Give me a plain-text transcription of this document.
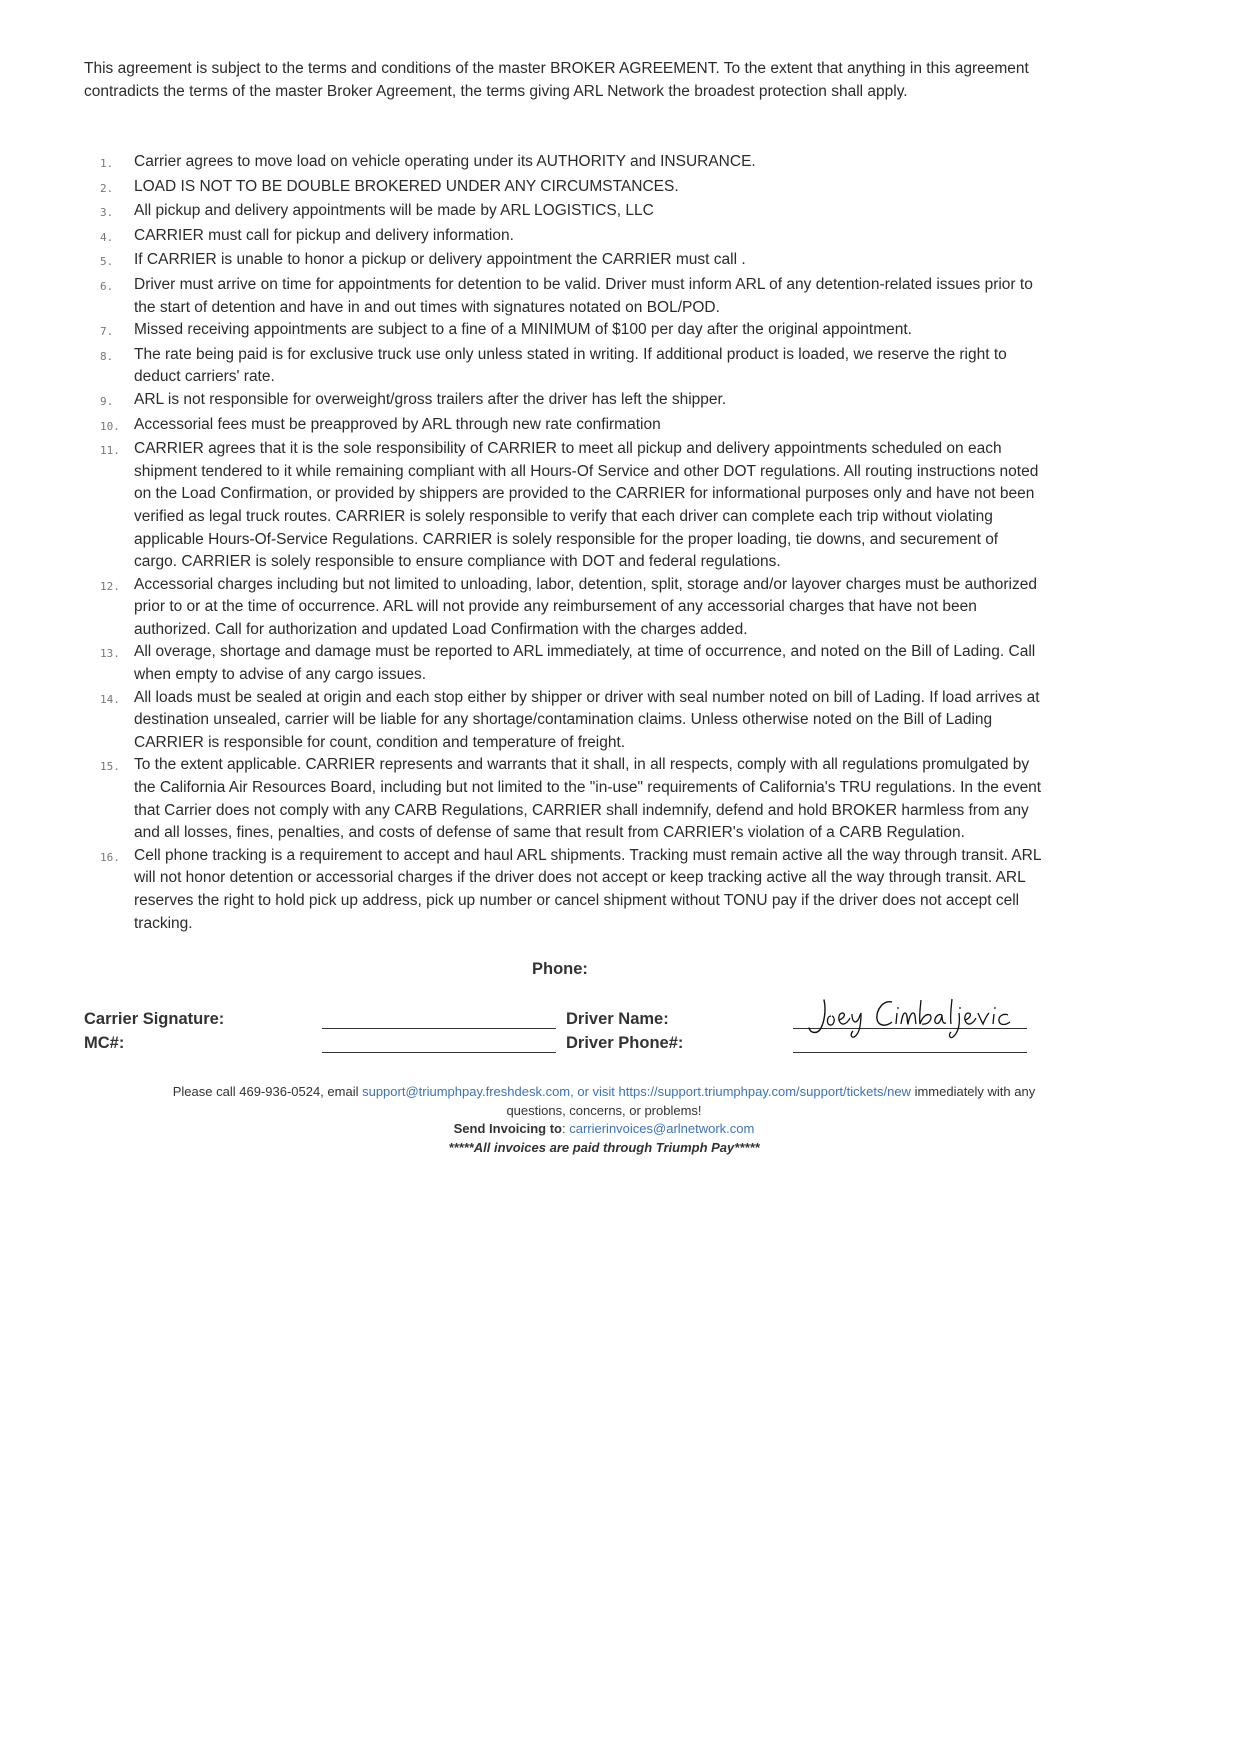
This agreement is subject to the terms and conditions of the master BROKER AGREEMENT. To the extent that anything in this agreement contradicts the terms of the master Broker Agreement, the terms giving ARL Network the broadest protection shall apply.
1.	Carrier agrees to move load on vehicle operating under its AUTHORITY and INSURANCE.
2.	LOAD IS NOT TO BE DOUBLE BROKERED UNDER ANY CIRCUMSTANCES.
3.	All pickup and delivery appointments will be made by ARL LOGISTICS, LLC
4.	CARRIER must call for pickup and delivery information.
5.	If CARRIER is unable to honor a pickup or delivery appointment the CARRIER must call .
6.	Driver must arrive on time for appointments for detention to be valid. Driver must inform ARL of any detention-related issues prior to the start of detention and have in and out times with signatures notated on BOL/POD.
7.	Missed receiving appointments are subject to a fine of a MINIMUM of $100 per day after the original appointment.
8.	The rate being paid is for exclusive truck use only unless stated in writing. If additional product is loaded, we reserve the right to deduct carriers' rate.
9.	ARL is not responsible for overweight/gross trailers after the driver has left the shipper.
10. Accessorial fees must be preapproved by ARL through new rate confirmation
11. CARRIER agrees that it is the sole responsibility of CARRIER to meet all pickup and delivery appointments scheduled on each shipment tendered to it while remaining compliant with all Hours-Of Service and other DOT regulations. All routing instructions noted on the Load Confirmation, or provided by shippers are provided to the CARRIER for informational purposes only and have not been verified as legal truck routes. CARRIER is solely responsible to verify that each driver can complete each trip without violating applicable Hours-Of-Service Regulations. CARRIER is solely responsible for the proper loading, tie downs, and securement of cargo. CARRIER is solely responsible to ensure compliance with DOT and federal regulations.
12. Accessorial charges including but not limited to unloading, labor, detention, split, storage and/or layover charges must be authorized prior to or at the time of occurrence. ARL will not provide any reimbursement of any accessorial charges that have not been authorized. Call for authorization and updated Load Confirmation with the charges added.
13. All overage, shortage and damage must be reported to ARL immediately, at time of occurrence, and noted on the Bill of Lading. Call when empty to advise of any cargo issues.
14. All loads must be sealed at origin and each stop either by shipper or driver with seal number noted on bill of Lading. If load arrives at destination unsealed, carrier will be liable for any shortage/contamination claims. Unless otherwise noted on the Bill of Lading CARRIER is responsible for count, condition and temperature of freight.
15. To the extent applicable. CARRIER represents and warrants that it shall, in all respects, comply with all regulations promulgated by the California Air Resources Board, including but not limited to the "in-use" requirements of California's TRU regulations. In the event that Carrier does not comply with any CARB Regulations, CARRIER shall indemnify, defend and hold BROKER harmless from any and all losses, fines, penalties, and costs of defense of same that result from CARRIER's violation of a CARB Regulation.
16. Cell phone tracking is a requirement to accept and haul ARL shipments. Tracking must remain active all the way through transit. ARL will not honor detention or accessorial charges if the driver does not accept or keep tracking active all the way through transit. ARL reserves the right to hold pick up address, pick up number or cancel shipment without TONU pay if the driver does not accept cell tracking.
Phone:
Carrier Signature:	Driver Name:
MC#:	Driver Phone#:
Please call 469-936-0524, email support@triumphpay.freshdesk.com, or visit https://support.triumphpay.com/support/tickets/new immediately with any
questions, concerns, or problems!
Send Invoicing to: carrierinvoices@arlnetwork.com
*****All invoices are paid through Triumph Pay*****
